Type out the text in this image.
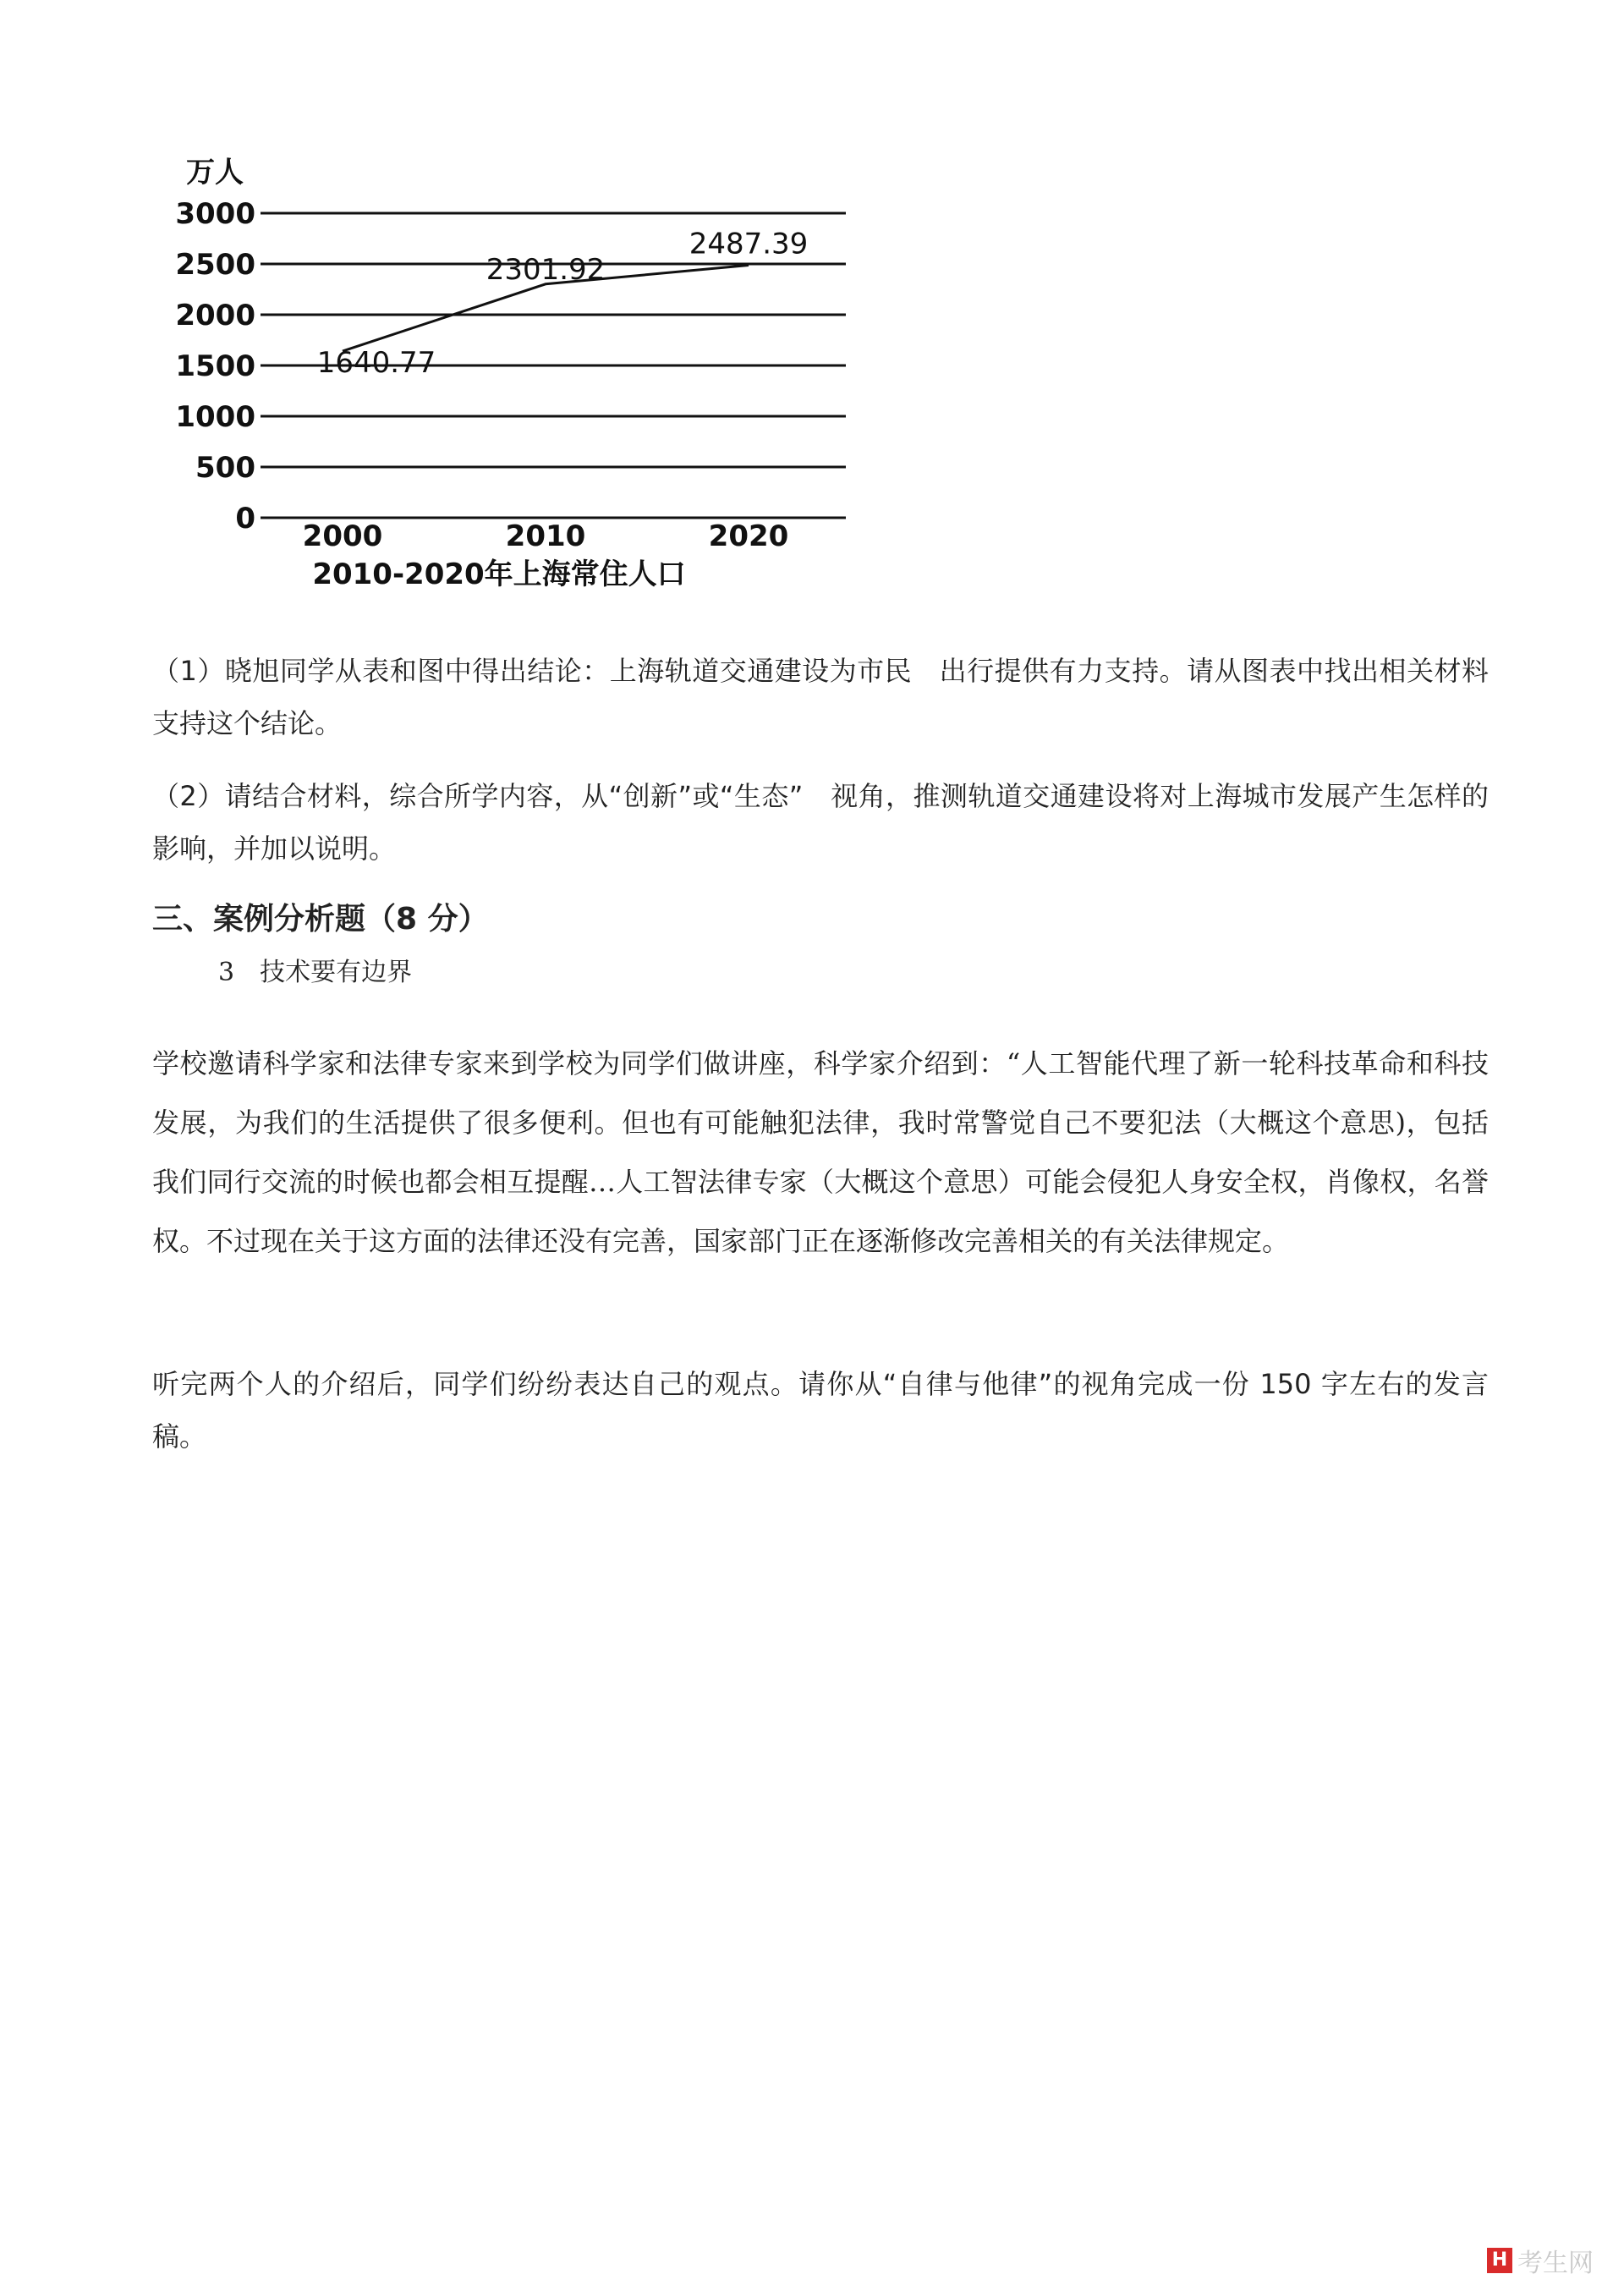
万人
3000
2500
2000
1500
1000
500
0
2000	2010	2020
1640.77
2301.92
2487.39
2010-2020年上海常住人口

（1）晓旭同学从表和图中得出结论：上海轨道交通建设为市民　出行提供有力支持。请从图表中找出相关材料支持这个结论。

（2）请结合材料，综合所学内容，从“创新”或“生态”　视角，推测轨道交通建设将对上海城市发展产生怎样的影响，并加以说明。

三、案例分析题（8 分）

3　技术要有边界

学校邀请科学家和法律专家来到学校为同学们做讲座，科学家介绍到：“人工智能代理了新一轮科技革命和科技发展，为我们的生活提供了很多便利。但也有可能触犯法律，我时常警觉自己不要犯法（大概这个意思)，包括我们同行交流的时候也都会相互提醒…人工智法律专家（大概这个意思）可能会侵犯人身安全权，肖像权，名誉权。不过现在关于这方面的法律还没有完善，国家部门正在逐渐修改完善相关的有关法律规定。

听完两个人的介绍后，同学们纷纷表达自己的观点。请你从“自律与他律”的视角完成一份 150 字左右的发言稿。

H 考生网
